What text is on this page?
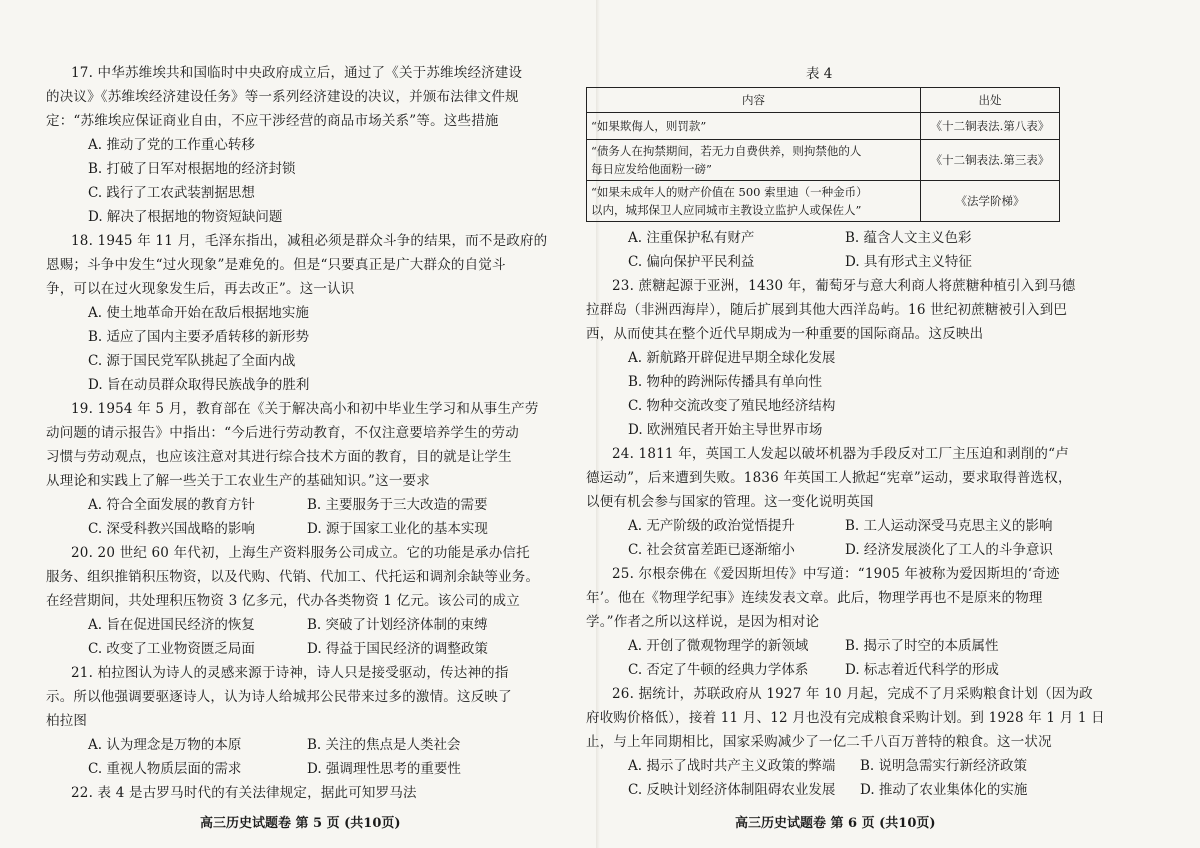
17. 中华苏维埃共和国临时中央政府成立后，通过了《关于苏维埃经济建设
的决议》《苏维埃经济建设任务》等一系列经济建设的决议，并颁布法律文件规
定：“苏维埃应保证商业自由，不应干涉经营的商品市场关系”等。这些措施
A. 推动了党的工作重心转移
B. 打破了日军对根据地的经济封锁
C. 践行了工农武装割据思想
D. 解决了根据地的物资短缺问题
18. 1945 年 11 月，毛泽东指出，减租必须是群众斗争的结果，而不是政府的
恩赐；斗争中发生“过火现象”是难免的。但是“只要真正是广大群众的自觉斗
争，可以在过火现象发生后，再去改正”。这一认识
A. 使土地革命开始在敌后根据地实施
B. 适应了国内主要矛盾转移的新形势
C. 源于国民党军队挑起了全面内战
D. 旨在动员群众取得民族战争的胜利
19. 1954 年 5 月，教育部在《关于解决高小和初中毕业生学习和从事生产劳
动问题的请示报告》中指出：“今后进行劳动教育，不仅注意要培养学生的劳动
习惯与劳动观点，也应该注意对其进行综合技术方面的教育，目的就是让学生
从理论和实践上了解一些关于工农业生产的基础知识。”这一要求
A. 符合全面发展的教育方针	B. 主要服务于三大改造的需要
C. 深受科教兴国战略的影响	D. 源于国家工业化的基本实现
20. 20 世纪 60 年代初，上海生产资料服务公司成立。它的功能是承办信托
服务、组织推销积压物资，以及代购、代销、代加工、代托运和调剂余缺等业务。
在经营期间，共处理积压物资 3 亿多元，代办各类物资 1 亿元。该公司的成立
A. 旨在促进国民经济的恢复	B. 突破了计划经济体制的束缚
C. 改变了工业物资匮乏局面	D. 得益于国民经济的调整政策
21. 柏拉图认为诗人的灵感来源于诗神，诗人只是接受驱动，传达神的指
示。所以他强调要驱逐诗人，认为诗人给城邦公民带来过多的激情。这反映了
柏拉图
A. 认为理念是万物的本原	B. 关注的焦点是人类社会
C. 重视人物质层面的需求	D. 强调理性思考的重要性
22. 表 4 是古罗马时代的有关法律规定，据此可知罗马法
高三历史试题卷 第 5 页 (共10页)
表 4
内容	出处
“如果欺侮人，则罚款”	《十二铜表法.第八表》
“债务人在拘禁期间，若无力自费供养，则拘禁他的人
每日应发给他面粉一磅”	《十二铜表法.第三表》
“如果未成年人的财产价值在 500 索里迪（一种金币）
以内，城邦保卫人应同城市主教设立监护人或保佐人”	《法学阶梯》
A. 注重保护私有财产	B. 蕴含人文主义色彩
C. 偏向保护平民利益	D. 具有形式主义特征
23. 蔗糖起源于亚洲，1430 年，葡萄牙与意大利商人将蔗糖种植引入到马德
拉群岛（非洲西海岸），随后扩展到其他大西洋岛屿。16 世纪初蔗糖被引入到巴
西，从而使其在整个近代早期成为一种重要的国际商品。这反映出
A. 新航路开辟促进早期全球化发展
B. 物种的跨洲际传播具有单向性
C. 物种交流改变了殖民地经济结构
D. 欧洲殖民者开始主导世界市场
24. 1811 年，英国工人发起以破坏机器为手段反对工厂主压迫和剥削的“卢
德运动”，后来遭到失败。1836 年英国工人掀起“宪章”运动，要求取得普选权，
以便有机会参与国家的管理。这一变化说明英国
A. 无产阶级的政治觉悟提升	B. 工人运动深受马克思主义的影响
C. 社会贫富差距已逐渐缩小	D. 经济发展淡化了工人的斗争意识
25. 尔根奈佛在《爱因斯坦传》中写道：“1905 年被称为爱因斯坦的‘奇迹
年’。他在《物理学纪事》连续发表文章。此后，物理学再也不是原来的物理
学。”作者之所以这样说，是因为相对论
A. 开创了微观物理学的新领域	B. 揭示了时空的本质属性
C. 否定了牛顿的经典力学体系	D. 标志着近代科学的形成
26. 据统计，苏联政府从 1927 年 10 月起，完成不了月采购粮食计划（因为政
府收购价格低），接着 11 月、12 月也没有完成粮食采购计划。到 1928 年 1 月 1 日
止，与上年同期相比，国家采购减少了一亿二千八百万普特的粮食。这一状况
A. 揭示了战时共产主义政策的弊端 B. 说明急需实行新经济政策
C. 反映计划经济体制阻碍农业发展 D. 推动了农业集体化的实施
高三历史试题卷 第 6 页 (共10页)
